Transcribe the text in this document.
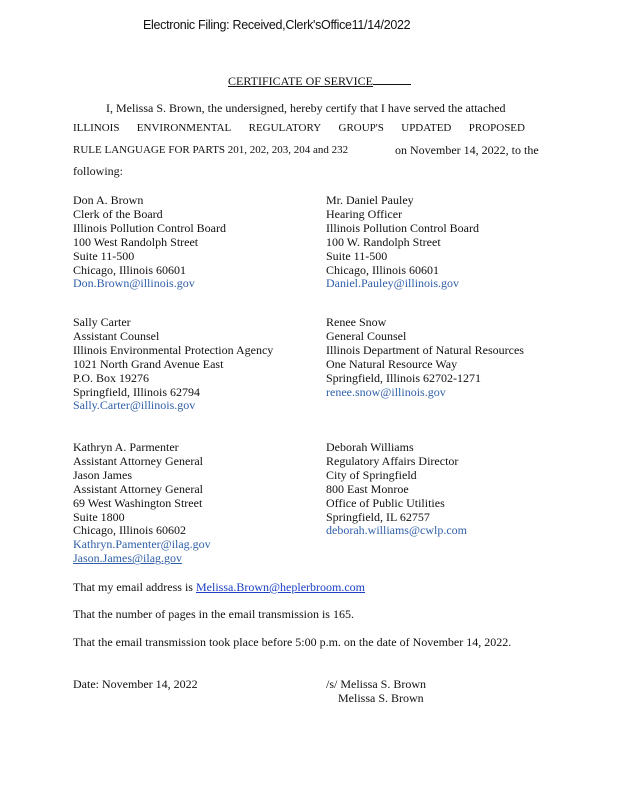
Electronic Filing: Received,Clerk'sOffice11/14/2022
CERTIFICATE OF SERVICE
I, Melissa S. Brown, the undersigned, hereby certify that I have served the attached
ILLINOIS ENVIRONMENTAL REGULATORY GROUP'S UPDATED PROPOSED
RULE LANGUAGE FOR PARTS 201, 202, 203, 204 and 232	on November 14, 2022, to the
following:
Don A. Brown
Clerk of the Board
Illinois Pollution Control Board
100 West Randolph Street
Suite 11-500
Chicago, Illinois 60601
Don.Brown@illinois.gov
Mr. Daniel Pauley
Hearing Officer
Illinois Pollution Control Board
100 W. Randolph Street
Suite 11-500
Chicago, Illinois 60601
Daniel.Pauley@illinois.gov
Sally Carter
Assistant Counsel
Illinois Environmental Protection Agency
1021 North Grand Avenue East
P.O. Box 19276
Springfield, Illinois 62794
Sally.Carter@illinois.gov
Renee Snow
General Counsel
Illinois Department of Natural Resources
One Natural Resource Way
Springfield, Illinois 62702-1271
renee.snow@illinois.gov
Kathryn A. Parmenter
Assistant Attorney General
Jason James
Assistant Attorney General
69 West Washington Street
Suite 1800
Chicago, Illinois 60602
Kathryn.Pamenter@ilag.gov
Jason.James@ilag.gov
Deborah Williams
Regulatory Affairs Director
City of Springfield
800 East Monroe
Office of Public Utilities
Springfield, IL 62757
deborah.williams@cwlp.com
That my email address is Melissa.Brown@heplerbroom.com
That the number of pages in the email transmission is 165.
That the email transmission took place before 5:00 p.m. on the date of November 14, 2022.
Date: November 14, 2022	/s/ Melissa S. Brown
Melissa S. Brown
